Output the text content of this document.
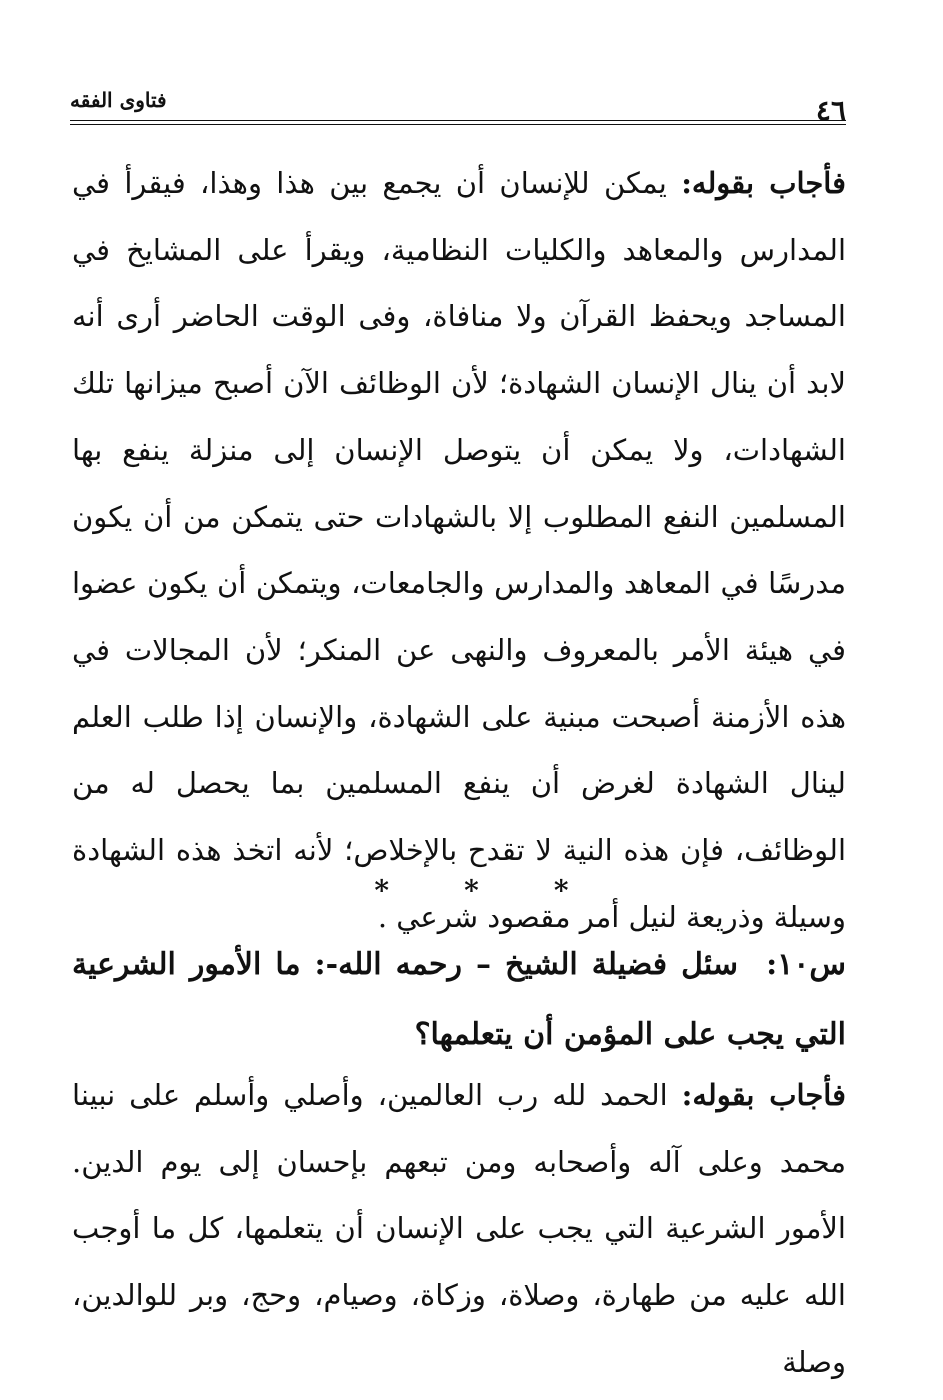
فتاوى الفقه	٤٦

فأجاب بقوله: يمكن للإنسان أن يجمع بين هذا وهذا، فيقرأ في المدارس والمعاهد والكليات النظامية، ويقرأ على المشايخ في المساجد ويحفظ القرآن ولا منافاة، وفى الوقت الحاضر أرى أنه لابد أن ينال الإنسان الشهادة؛ لأن الوظائف الآن أصبح ميزانها تلك الشهادات، ولا يمكن أن يتوصل الإنسان إلى منزلة ينفع بها المسلمين النفع المطلوب إلا بالشهادات حتى يتمكن من أن يكون مدرسًا في المعاهد والمدارس والجامعات، ويتمكن أن يكون عضوا في هيئة الأمر بالمعروف والنهى عن المنكر؛ لأن المجالات في هذه الأزمنة أصبحت مبنية على الشهادة، والإنسان إذا طلب العلم لينال الشهادة لغرض أن ينفع المسلمين بما يحصل له من الوظائف، فإن هذه النية لا تقدح بالإخلاص؛ لأنه اتخذ هذه الشهادة وسيلة وذريعة لنيل أمر مقصود شرعي .

*	*	*

س١٠: سئل فضيلة الشيخ – رحمه الله-: ما الأمور الشرعية التي يجب على المؤمن أن يتعلمها؟

فأجاب بقوله: الحمد لله رب العالمين، وأصلي وأسلم على نبينا محمد وعلى آله وأصحابه ومن تبعهم بإحسان إلى يوم الدين. الأمور الشرعية التي يجب على الإنسان أن يتعلمها، كل ما أوجب الله عليه من طهارة، وصلاة، وزكاة، وصيام، وحج، وبر للوالدين، وصلة
